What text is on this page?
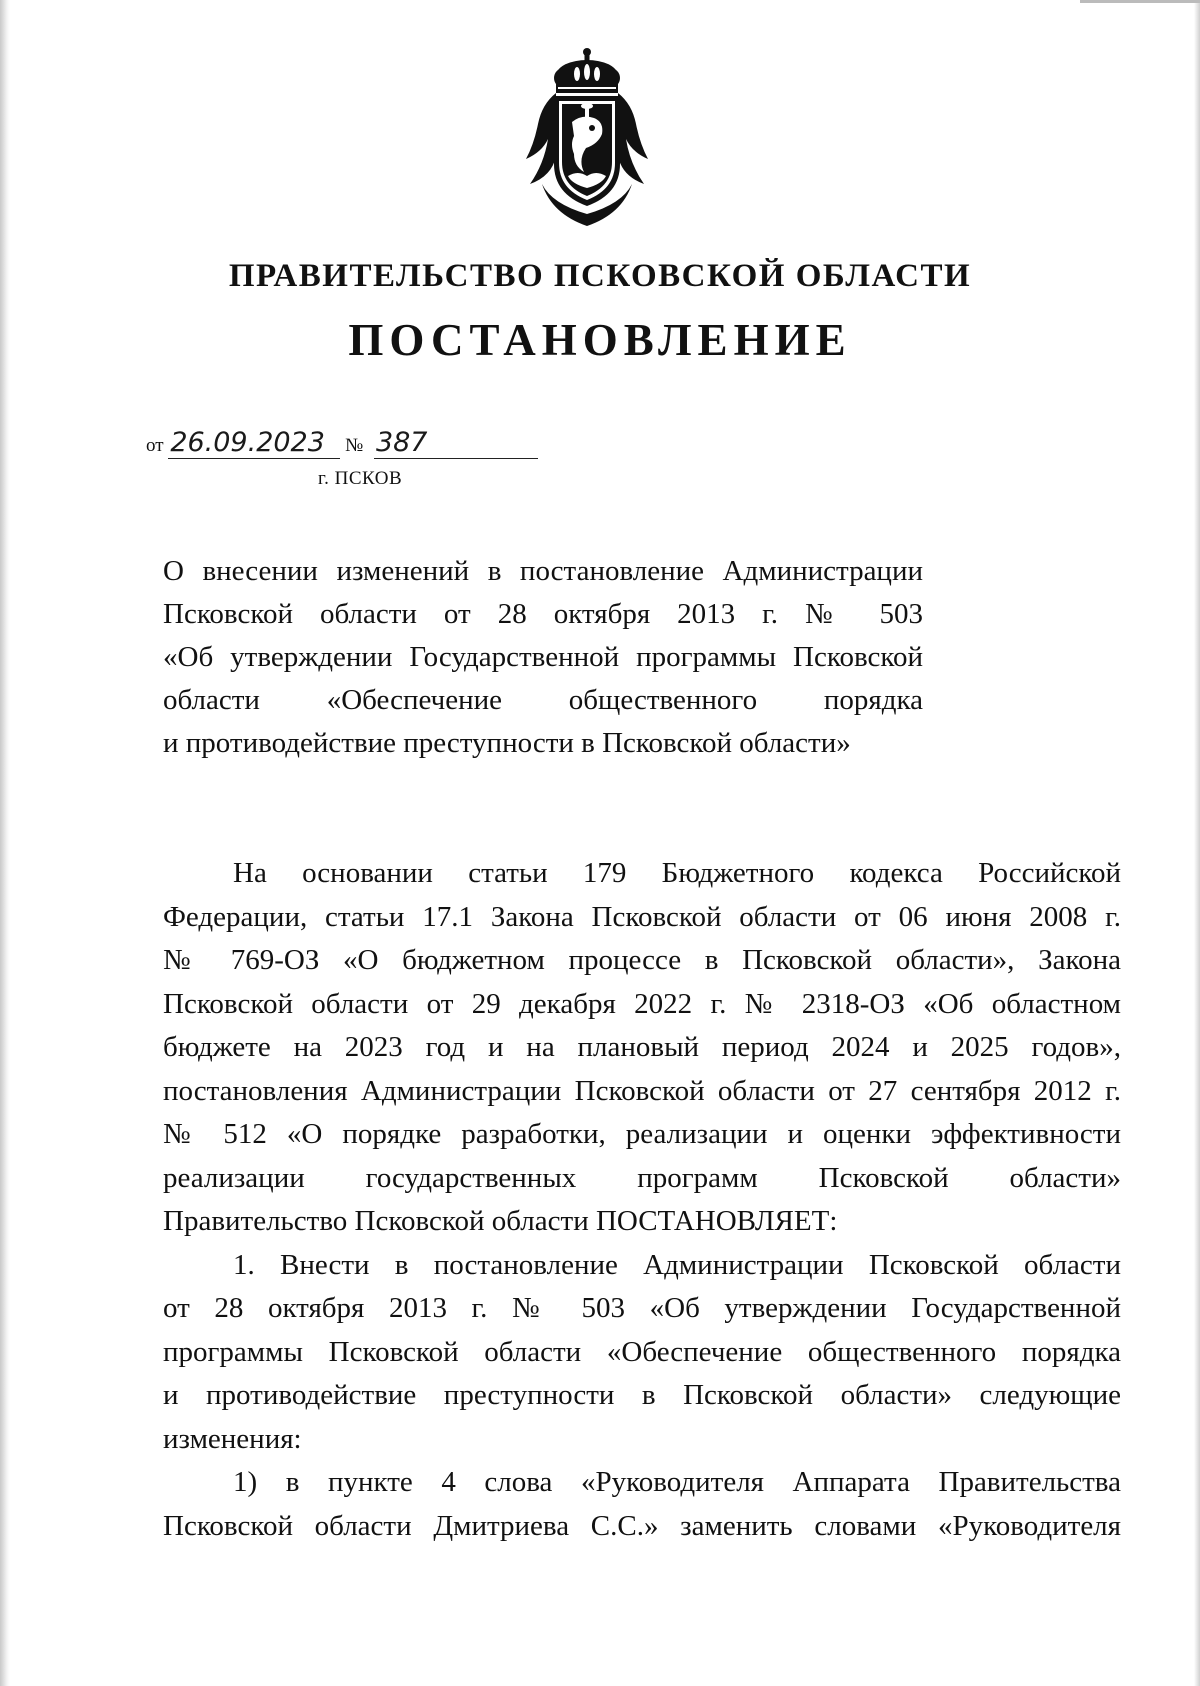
ПРАВИТЕЛЬСТВО ПСКОВСКОЙ ОБЛАСТИ
ПОСТАНОВЛЕНИЕ
от 26.09.2023 № 387
г. ПСКОВ
О внесении изменений в постановление Администрации
Псковской области от 28 октября 2013 г. № 503
«Об утверждении Государственной программы Псковской
области «Обеспечение общественного порядка
и противодействие преступности в Псковской области»
На основании статьи 179 Бюджетного кодекса Российской
Федерации, статьи 17.1 Закона Псковской области от 06 июня 2008 г.
№ 769-ОЗ «О бюджетном процессе в Псковской области», Закона
Псковской области от 29 декабря 2022 г. № 2318-ОЗ «Об областном
бюджете на 2023 год и на плановый период 2024 и 2025 годов»,
постановления Администрации Псковской области от 27 сентября 2012 г.
№ 512 «О порядке разработки, реализации и оценки эффективности
реализации государственных программ Псковской области»
Правительство Псковской области ПОСТАНОВЛЯЕТ:
1. Внести в постановление Администрации Псковской области
от 28 октября 2013 г. № 503 «Об утверждении Государственной
программы Псковской области «Обеспечение общественного порядка
и противодействие преступности в Псковской области» следующие
изменения:
1) в пункте 4 слова «Руководителя Аппарата Правительства
Псковской области Дмитриева С.С.» заменить словами «Руководителя
